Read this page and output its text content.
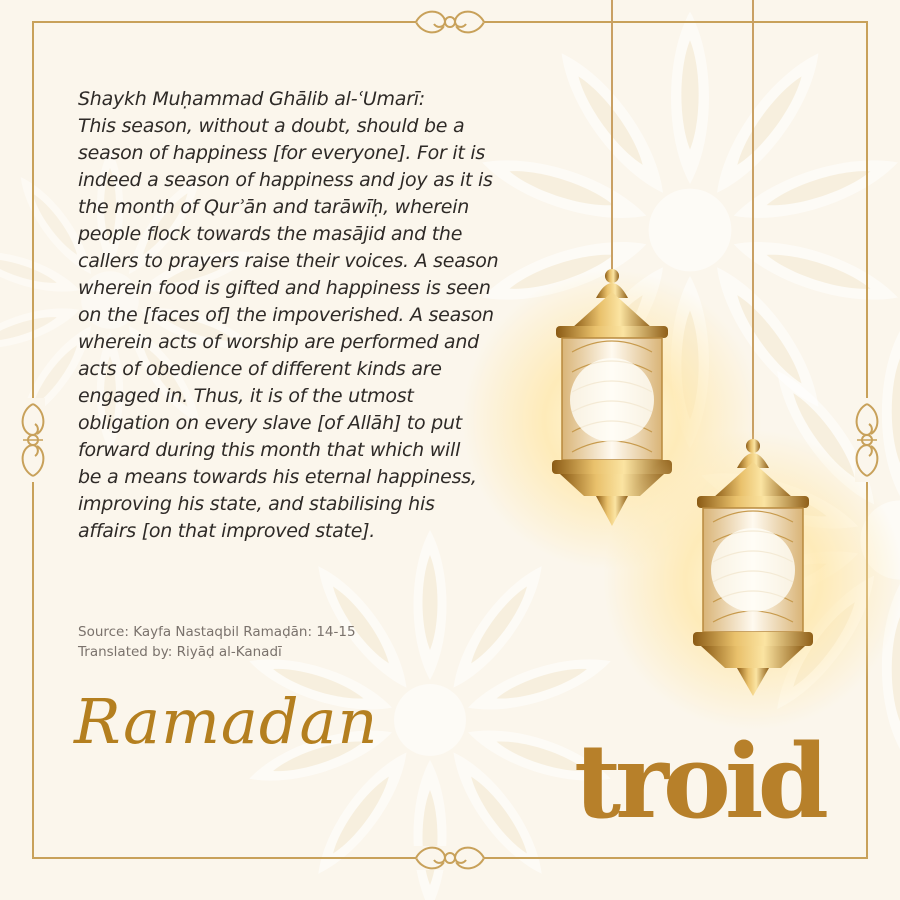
Shaykh Muḥammad Ghālib al-ʿUmarī:
This season, without a doubt, should be a
season of happiness [for everyone]. For it is
indeed a season of happiness and joy as it is
the month of Qurʾān and tarāwīḥ, wherein
people flock towards the masājid and the
callers to prayers raise their voices. A season
wherein food is gifted and happiness is seen
on the [faces of] the impoverished. A season
wherein acts of worship are performed and
acts of obedience of different kinds are
engaged in. Thus, it is of the utmost
obligation on every slave [of Allāh] to put
forward during this month that which will
be a means towards his eternal happiness,
improving his state, and stabilising his
affairs [on that improved state].

Source: Kayfa Nastaqbil Ramaḍān: 14-15
Translated by: Riyāḍ al-Kanadī
Ramadan
troid
